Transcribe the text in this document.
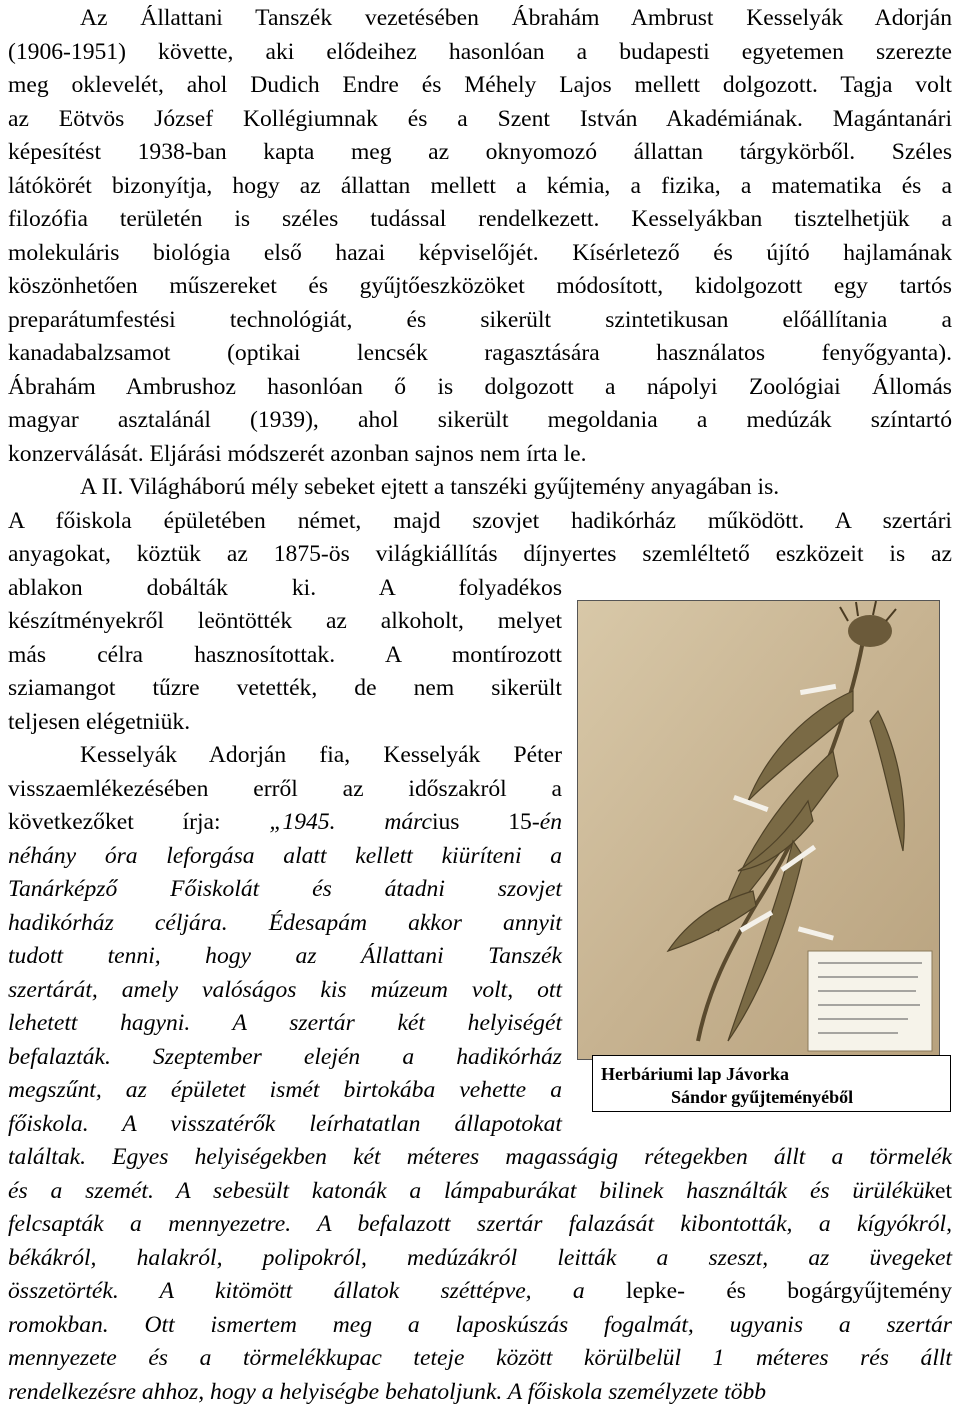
Az Állattani Tanszék vezetésében Ábrahám Ambrust Kesselyák Adorján
(1906-1951) követte, aki elődeihez hasonlóan a budapesti egyetemen szerezte
meg oklevelét, ahol Dudich Endre és Méhely Lajos mellett dolgozott. Tagja volt
az Eötvös József Kollégiumnak és a Szent István Akadémiának. Magántanári
képesítést 1938-ban kapta meg az oknyomozó állattan tárgykörből. Széles
látókörét bizonyítja, hogy az állattan mellett a kémia, a fizika, a matematika és a
filozófia területén is széles tudással rendelkezett. Kesselyákban tisztelhetjük a
molekuláris biológia első hazai képviselőjét. Kísérletező és újító hajlamának
köszönhetően műszereket és gyűjtőeszközöket módosított, kidolgozott egy tartós
preparátumfestési technológiát, és sikerült szintetikusan előállítania a
kanadabalzsamot (optikai lencsék ragasztására használatos fenyőgyanta).
Ábrahám Ambrushoz hasonlóan ő is dolgozott a nápolyi Zoológiai Állomás
magyar asztalánál (1939), ahol sikerült megoldania a medúzák színtartó
konzerválását. Eljárási módszerét azonban sajnos nem írta le.
A II. Világháború mély sebeket ejtett a tanszéki gyűjtemény anyagában is.
A főiskola épületében német, majd szovjet hadikórház működött. A szertári
anyagokat, köztük az 1875-ös világkiállítás díjnyertes szemléltető eszközeit is az
ablakon dobálták ki. A folyadékos
készítményekről leöntötték az alkoholt, melyet
más célra hasznosítottak. A montírozott
sziamangot tűzre vetették, de nem sikerült
teljesen elégetniük.
Kesselyák Adorján fia, Kesselyák Péter
visszaemlékezésében erről az időszakról a
következőket írja: „1945. március 15-én
néhány óra leforgása alatt kellett kiüríteni a
Tanárképző Főiskolát és átadni szovjet
hadikórház céljára. Édesapám akkor annyit
tudott tenni, hogy az Állattani Tanszék
szertárát, amely valóságos kis múzeum volt, ott
lehetett hagyni. A szertár két helyiségét
befalazták. Szeptember elején a hadikórház
megszűnt, az épületet ismét birtokába vehette a
főiskola. A visszatérők leírhatatlan állapotokat
találtak. Egyes helyiségekben két méteres magasságig rétegekben állt a törmelék
és a szemét. A sebesült katonák a lámpaburákat bilinek használták és ürüléküket
felcsapták a mennyezetre. A befalazott szertár falazását kibontották, a kígyókról,
békákról, halakról, polipokról, medúzákról leitták a szeszt, az üvegeket
összetörték. A kitömött állatok széttépve, a lepke- és bogárgyűjtemény
romokban. Ott ismertem meg a laposkúszás fogalmát, ugyanis a szertár
mennyezete és a törmelékkupac teteje között körülbelül 1 méteres rés állt
rendelkezésre ahhoz, hogy a helyiségbe behatoljunk. A főiskola személyzete több
Herbáriumi lap Jávorka
Sándor gyűjteményéből
